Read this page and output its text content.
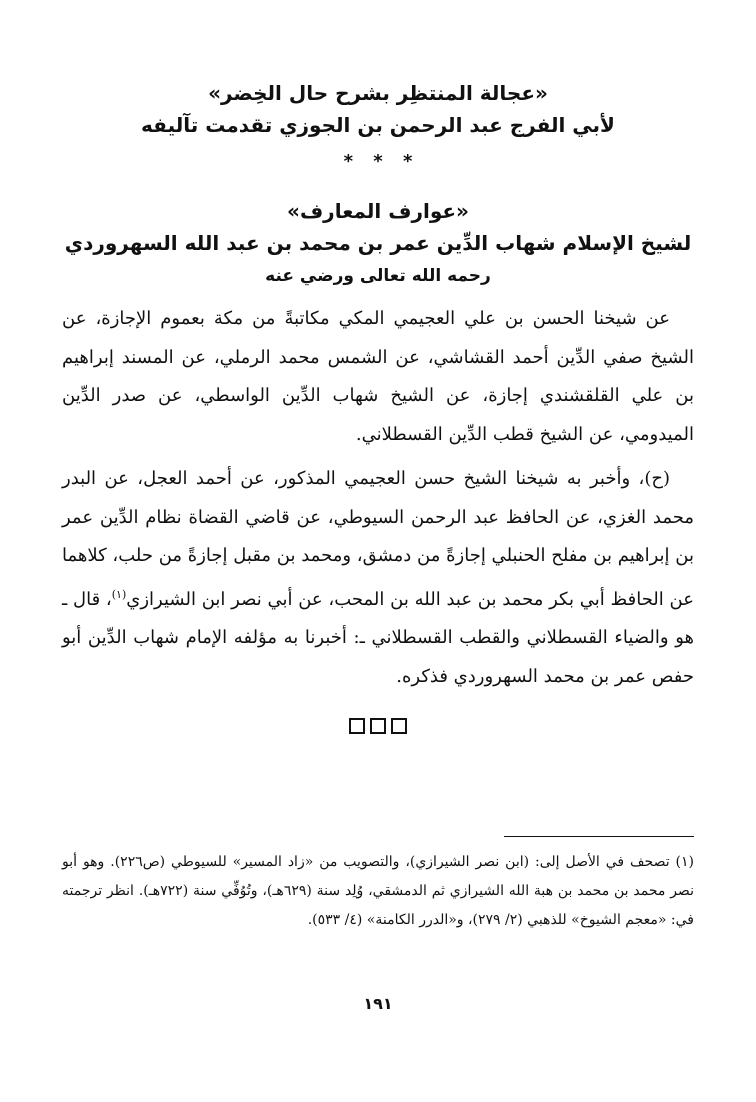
«عجالة المنتظِر بشرح حال الخِضر»
لأبي الفرج عبد الرحمن بن الجوزي تقدمت تآليفه
* * *
«عوارف المعارف»
لشيخ الإسلام شهاب الدِّين عمر بن محمد بن عبد الله السهروردي
رحمه الله تعالى ورضي عنه

عن شيخنا الحسن بن علي العجيمي المكي مكاتبةً من مكة بعموم الإجازة، عن الشيخ صفي الدِّين أحمد القشاشي، عن الشمس محمد الرملي، عن المسند إبراهيم بن علي القلقشندي إجازة، عن الشيخ شهاب الدِّين الواسطي، عن صدر الدِّين الميدومي، عن الشيخ قطب الدِّين القسطلاني.

(ح)، وأخبر به شيخنا الشيخ حسن العجيمي المذكور، عن أحمد العجل، عن البدر محمد الغزي، عن الحافظ عبد الرحمن السيوطي، عن قاضي القضاة نظام الدِّين عمر بن إبراهيم بن مفلح الحنبلي إجازةً من دمشق، ومحمد بن مقبل إجازةً من حلب، كلاهما عن الحافظ أبي بكر محمد بن عبد الله بن المحب، عن أبي نصر ابن الشيرازي$^{(١)}$، قال ـ هو والضياء القسطلاني والقطب القسطلاني ـ: أخبرنا به مؤلفه الإمام شهاب الدِّين أبو حفص عمر بن محمد السهروردي فذكره.

(١) تصحف في الأصل إلى: (ابن نصر الشيرازي)، والتصويب من «زاد المسير» للسيوطي (ص٢٢٦). وهو أبو نصر محمد بن محمد بن هبة الله الشيرازي ثم الدمشقي، وُلِد سنة (٦٢٩هـ)، وتُوُفِّي سنة (٧٢٢هـ). انظر ترجمته في: «معجم الشيوخ» للذهبي (٢/ ٢٧٩)، و«الدرر الكامنة» (٤/ ٥٣٣).
١٩١
